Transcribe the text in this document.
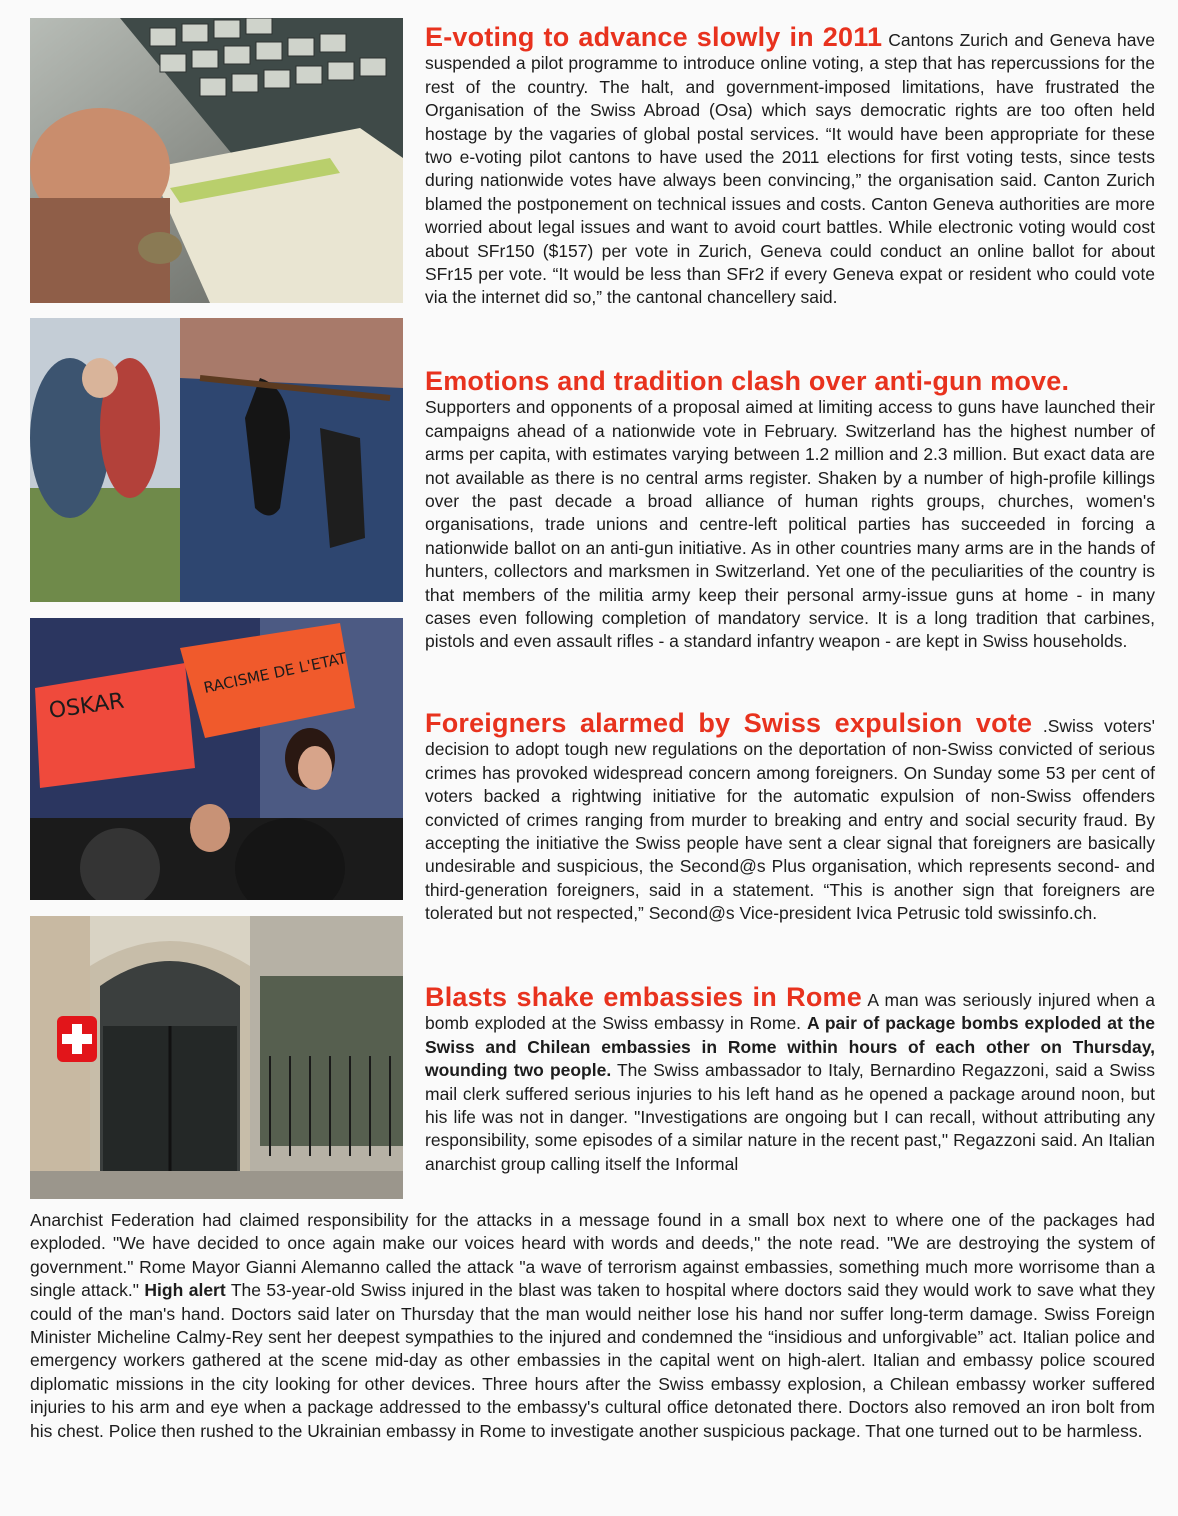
OSKAR
RACISME DE L'ETAT
E-voting to advance slowly in 2011 Cantons Zurich and Geneva have suspended a pilot programme to introduce online voting, a step that has repercussions for the rest of the country. The halt, and government-imposed limitations, have frustrated the Organisation of the Swiss Abroad (Osa) which says democratic rights are too often held hostage by the vagaries of global postal services. “It would have been appropriate for these two e-voting pilot cantons to have used the 2011 elections for first voting tests, since tests during nationwide votes have always been convincing,” the organisation said. Canton Zurich blamed the postponement on technical issues and costs. Canton Geneva authorities are more worried about legal issues and want to avoid court battles. While electronic voting would cost about SFr150 ($157) per vote in Zurich, Geneva could conduct an online ballot for about SFr15 per vote. “It would be less than SFr2 if every Geneva expat or resident who could vote via the internet did so,” the cantonal chancellery said.
Emotions and tradition clash over anti-gun move.
Supporters and opponents of a proposal aimed at limiting access to guns have launched their campaigns ahead of a nationwide vote in February. Switzerland has the highest number of arms per capita, with estimates varying between 1.2 million and 2.3 million. But exact data are not available as there is no central arms register. Shaken by a number of high-profile killings over the past decade a broad alliance of human rights groups, churches, women's organisations, trade unions and centre-left political parties has succeeded in forcing a nationwide ballot on an anti-gun initiative. As in other countries many arms are in the hands of hunters, collectors and marksmen in Switzerland. Yet one of the peculiarities of the country is that members of the militia army keep their personal army-issue guns at home - in many cases even following completion of mandatory service. It is a long tradition that carbines, pistols and even assault rifles - a standard infantry weapon - are kept in Swiss households.
Foreigners alarmed by Swiss expulsion vote .Swiss voters' decision to adopt tough new regulations on the deportation of non-Swiss convicted of serious crimes has provoked widespread concern among foreigners. On Sunday some 53 per cent of voters backed a rightwing initiative for the automatic expulsion of non-Swiss offenders convicted of crimes ranging from murder to breaking and entry and social security fraud. By accepting the initiative the Swiss people have sent a clear signal that foreigners are basically undesirable and suspicious, the Second@s Plus organisation, which represents second- and third-generation foreigners, said in a statement. “This is another sign that foreigners are tolerated but not respected,” Second@s Vice-president Ivica Petrusic told swissinfo.ch.
Blasts shake embassies in Rome A man was seriously injured when a bomb exploded at the Swiss embassy in Rome. A pair of package bombs exploded at the Swiss and Chilean embassies in Rome within hours of each other on Thursday, wounding two people. The Swiss ambassador to Italy, Bernardino Regazzoni, said a Swiss mail clerk suffered serious injuries to his left hand as he opened a package around noon, but his life was not in danger. "Investigations are ongoing but I can recall, without attributing any responsibility, some episodes of a similar nature in the recent past," Regazzoni said. An Italian anarchist group calling itself the Informal
Anarchist Federation had claimed responsibility for the attacks in a message found in a small box next to where one of the packages had exploded. "We have decided to once again make our voices heard with words and deeds," the note read. "We are destroying the system of government." Rome Mayor Gianni Alemanno called the attack "a wave of terrorism against embassies, something much more worrisome than a single attack." High alert The 53-year-old Swiss injured in the blast was taken to hospital where doctors said they would work to save what they could of the man's hand. Doctors said later on Thursday that the man would neither lose his hand nor suffer long-term damage. Swiss Foreign Minister Micheline Calmy-Rey sent her deepest sympathies to the injured and condemned the “insidious and unforgivable” act. Italian police and emergency workers gathered at the scene mid-day as other embassies in the capital went on high-alert. Italian and embassy police scoured diplomatic missions in the city looking for other devices. Three hours after the Swiss embassy explosion, a Chilean embassy worker suffered injuries to his arm and eye when a package addressed to the embassy's cultural office detonated there. Doctors also removed an iron bolt from his chest. Police then rushed to the Ukrainian embassy in Rome to investigate another suspicious package. That one turned out to be harmless.
